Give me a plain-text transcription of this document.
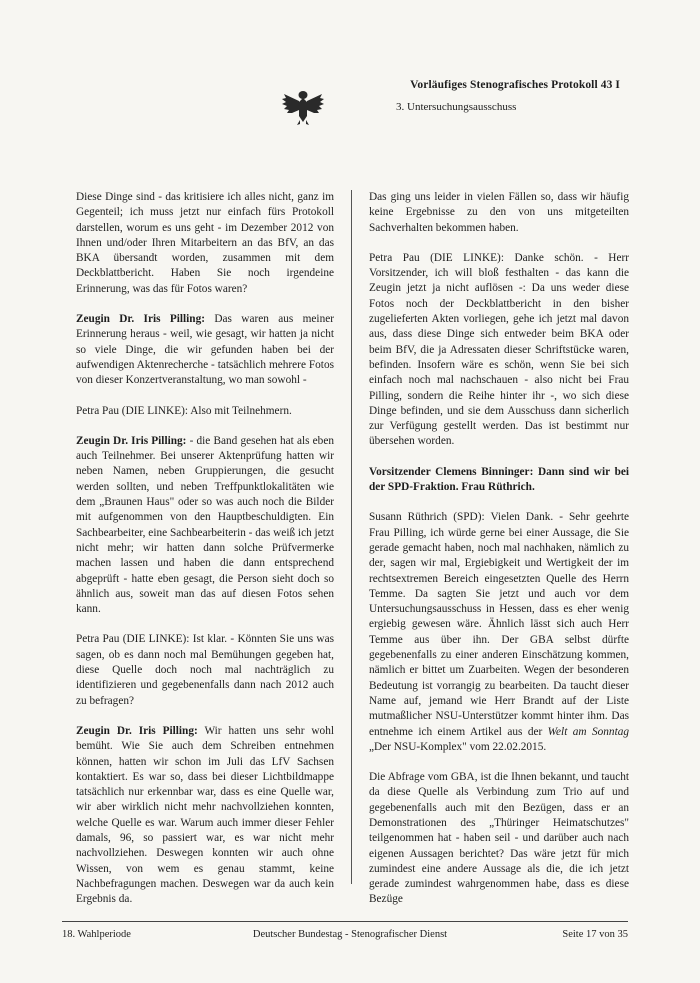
Vorläufiges Stenografisches Protokoll 43 I
3. Untersuchungsausschuss

Diese Dinge sind - das kritisiere ich alles nicht, ganz im Gegenteil; ich muss jetzt nur einfach fürs Protokoll darstellen, worum es uns geht - im Dezember 2012 von Ihnen und/oder Ihren Mitarbeitern an das BfV, an das BKA übersandt worden, zusammen mit dem Deckblattbericht. Haben Sie noch irgendeine Erinnerung, was das für Fotos waren?

Zeugin Dr. Iris Pilling: Das waren aus meiner Erinnerung heraus - weil, wie gesagt, wir hatten ja nicht so viele Dinge, die wir gefunden haben bei der aufwendigen Aktenrecherche - tatsächlich mehrere Fotos von dieser Konzertveranstaltung, wo man sowohl -

Petra Pau (DIE LINKE): Also mit Teilnehmern.

Zeugin Dr. Iris Pilling: - die Band gesehen hat als eben auch Teilnehmer. Bei unserer Aktenprüfung hatten wir neben Namen, neben Gruppierungen, die gesucht werden sollten, und neben Treffpunktlokalitäten wie dem „Braunen Haus" oder so was auch noch die Bilder mit aufgenommen von den Hauptbeschuldigten. Ein Sachbearbeiter, eine Sachbearbeiterin - das weiß ich jetzt nicht mehr; wir hatten dann solche Prüfvermerke machen lassen und haben die dann entsprechend abgeprüft - hatte eben gesagt, die Person sieht doch so ähnlich aus, soweit man das auf diesen Fotos sehen kann.

Petra Pau (DIE LINKE): Ist klar. - Könnten Sie uns was sagen, ob es dann noch mal Bemühungen gegeben hat, diese Quelle doch noch mal nachträglich zu identifizieren und gegebenenfalls dann nach 2012 auch zu befragen?

Zeugin Dr. Iris Pilling: Wir hatten uns sehr wohl bemüht. Wie Sie auch dem Schreiben entnehmen können, hatten wir schon im Juli das LfV Sachsen kontaktiert. Es war so, dass bei dieser Lichtbildmappe tatsächlich nur erkennbar war, dass es eine Quelle war, wir aber wirklich nicht mehr nachvollziehen konnten, welche Quelle es war. Warum auch immer dieser Fehler damals, 96, so passiert war, es war nicht mehr nachvollziehen. Deswegen konnten wir auch ohne Wissen, von wem es genau stammt, keine Nachbefragungen machen. Deswegen war da auch kein Ergebnis da.

Das ging uns leider in vielen Fällen so, dass wir häufig keine Ergebnisse zu den von uns mitgeteilten Sachverhalten bekommen haben.

Petra Pau (DIE LINKE): Danke schön. - Herr Vorsitzender, ich will bloß festhalten - das kann die Zeugin jetzt ja nicht auflösen -: Da uns weder diese Fotos noch der Deckblattbericht in den bisher zugelieferten Akten vorliegen, gehe ich jetzt mal davon aus, dass diese Dinge sich entweder beim BKA oder beim BfV, die ja Adressaten dieser Schriftstücke waren, befinden. Insofern wäre es schön, wenn Sie bei sich einfach noch mal nachschauen - also nicht bei Frau Pilling, sondern die Reihe hinter ihr -, wo sich diese Dinge befinden, und sie dem Ausschuss dann sicherlich zur Verfügung gestellt werden. Das ist bestimmt nur übersehen worden.

Vorsitzender Clemens Binninger: Dann sind wir bei der SPD-Fraktion. Frau Rüthrich.

Susann Rüthrich (SPD): Vielen Dank. - Sehr geehrte Frau Pilling, ich würde gerne bei einer Aussage, die Sie gerade gemacht haben, noch mal nachhaken, nämlich zu der, sagen wir mal, Ergiebigkeit und Wertigkeit der im rechtsextremen Bereich eingesetzten Quelle des Herrn Temme. Da sagten Sie jetzt und auch vor dem Untersuchungsausschuss in Hessen, dass es eher wenig ergiebig gewesen wäre. Ähnlich lässt sich auch Herr Temme aus über ihn. Der GBA selbst dürfte gegebenenfalls zu einer anderen Einschätzung kommen, nämlich er bittet um Zuarbeiten. Wegen der besonderen Bedeutung ist vorrangig zu bearbeiten. Da taucht dieser Name auf, jemand wie Herr Brandt auf der Liste mutmaßlicher NSU-Unterstützer kommt hinter ihm. Das entnehme ich einem Artikel aus der Welt am Sonntag „Der NSU-Komplex" vom 22.02.2015.

Die Abfrage vom GBA, ist die Ihnen bekannt, und taucht da diese Quelle als Verbindung zum Trio auf und gegebenenfalls auch mit den Bezügen, dass er an Demonstrationen des „Thüringer Heimatschutzes" teilgenommen hat - haben seil - und darüber auch nach eigenen Aussagen berichtet? Das wäre jetzt für mich zumindest eine andere Aussage als die, die ich jetzt gerade zumindest wahrgenommen habe, dass es diese Bezüge

18. Wahlperiode	Deutscher Bundestag - Stenografischer Dienst	Seite 17 von 35
